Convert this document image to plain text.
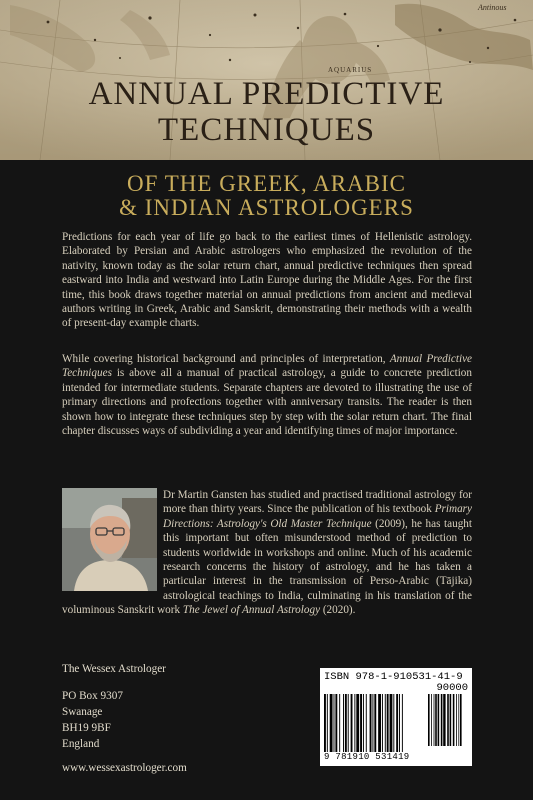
Antinous
AQUARIUS
ANNUAL PREDICTIVE
TECHNIQUES
OF THE GREEK, ARABIC
& INDIAN ASTROLOGERS

Predictions for each year of life go back to the earliest times of Hellenistic astrology. Elaborated by Persian and Arabic astrologers who emphasized the revolution of the nativity, known today as the solar return chart, annual predictive techniques then spread eastward into India and westward into Latin Europe during the Middle Ages. For the first time, this book draws together material on annual predictions from ancient and medieval authors writing in Greek, Arabic and Sanskrit, demonstrating their methods with a wealth of present-day example charts.

While covering historical background and principles of interpretation, Annual Predictive Techniques is above all a manual of practical astrology, a guide to concrete prediction intended for intermediate students. Separate chapters are devoted to illustrating the use of primary directions and profections together with anniversary transits. The reader is then shown how to integrate these techniques step by step with the solar return chart. The final chapter discusses ways of subdividing a year and identifying times of major importance.

Dr Martin Gansten has studied and practised traditional astrology for more than thirty years. Since the publication of his textbook Primary Directions: Astrology's Old Master Technique (2009), he has taught this important but often misunderstood method of prediction to students worldwide in workshops and online. Much of his academic research concerns the history of astrology, and he has taken a particular interest in the transmission of Perso-Arabic (Tājika) astrological teachings to India, culminating in his translation of the voluminous Sanskrit work The Jewel of Annual Astrology (2020).

The Wessex Astrologer
PO Box 9307
Swanage
BH19 9BF
England
www.wessexastrologer.com
ISBN 978-1-910531-41-9
90000
9 781910 531419
